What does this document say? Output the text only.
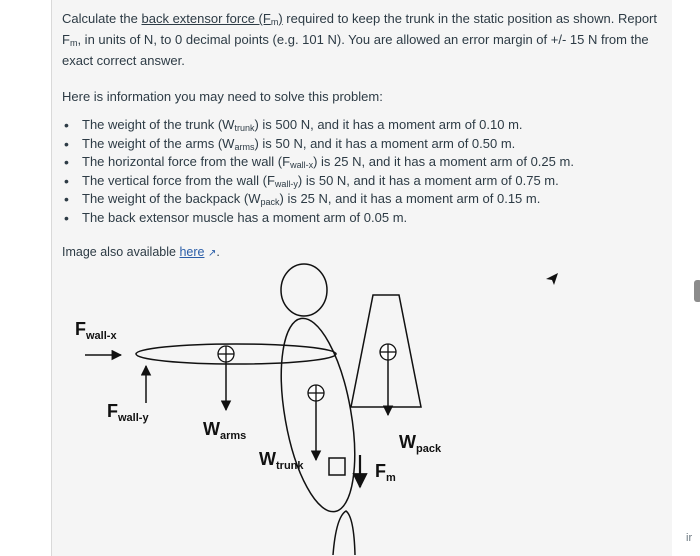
ir

Calculate the back extensor force $(F_m)$ required to keep the trunk in the static position as shown. Report $F_m$, in units of N, to 0 decimal points (e.g. 101 N). You are allowed an error margin of +/- 15 N from the exact correct answer.

Here is information you may need to solve this problem:
• The weight of the trunk $(W_{trunk})$ is 500 N, and it has a moment arm of 0.10 m.
• The weight of the arms $(W_{arms})$ is 50 N, and it has a moment arm of 0.50 m.
• The horizontal force from the wall $(F_{wall-x})$ is 25 N, and it has a moment arm of 0.25 m.
• The vertical force from the wall $(F_{wall-y})$ is 50 N, and it has a moment arm of 0.75 m.
• The weight of the backpack $(W_{pack})$ is 25 N, and it has a moment arm of 0.15 m.
• The back extensor muscle has a moment arm of 0.05 m.
Image also available here ↗.
$F_{wall-x}$
$F_{wall-y}$
$W_{arms}$
$W_{trunk}$
$W_{pack}$
$F_m$
